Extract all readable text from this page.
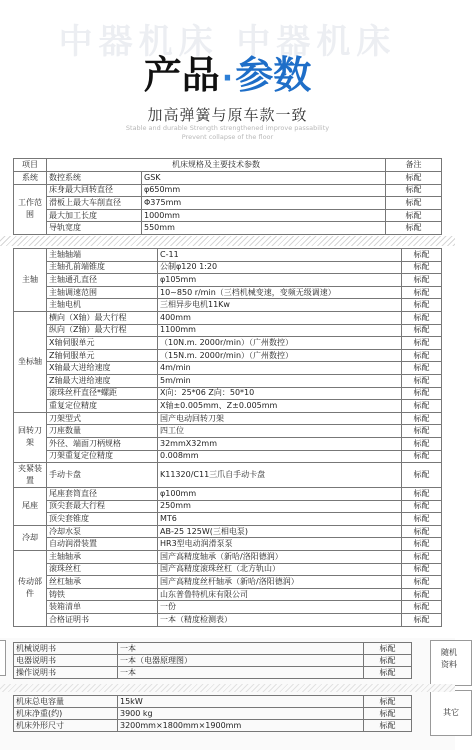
中器机床 中器机床
产品·参数
加高弹簧与原车款一致
Stable and durable Strength strengthened improve passability
Prevent collapse of the floor
项目	机床规格及主要技术参数		备注
系统	数控系统	GSK	标配
工作范围	床身最大回转直径	φ650mm	标配
	滑板上最大车削直径	Φ375mm	标配
	最大加工长度	1000mm	标配
	导轨宽度	550mm	标配
主轴	主轴轴端	C-11	标配
	主轴孔前端锥度	公制φ120 1:20	标配
	主轴通孔直径	φ105mm	标配
	主轴调速范围	10~850 r/min（三档机械变速，变频无级调速）	标配
	主轴电机	三相异步电机11Kw	标配
坐标轴	横向（X轴）最大行程	400mm	标配
	纵向（Z轴）最大行程	1100mm	标配
	X轴伺服单元	（10N.m. 2000r/min）（广州数控）	标配
	Z轴伺服单元	（15N.m. 2000r/min）（广州数控）	标配
	X轴最大进给速度	4m/min	标配
	Z轴最大进给速度	5m/min	标配
	滚珠丝杆直径*螺距	X向：25*06 Z向：50*10	标配
	重复定位精度	X轴±0.005mm、Z±0.005mm	标配
回转刀架	刀架型式	国产电动回转刀架	标配
	刀座数量	四工位	标配
	外径、端面刀柄规格	32mmX32mm	标配
	刀架重复定位精度	0.008mm	标配
夹紧装置	手动卡盘	K11320/C11三爪自手动卡盘	标配
尾座	尾座套筒直径	φ100mm	标配
	顶尖套最大行程	250mm	标配
	顶尖套锥度	MT6	标配
冷却	冷却水泵	AB-25 125W(三相电泵)	标配
	自动润滑装置	HR3型电动润滑泵泵	标配
传动部件	主轴轴承	国产高精度轴承（新哈/洛阳德润）	标配
	滚珠丝杠	国产高精度滚珠丝杠（北方轨山）	标配
	丝杠轴承	国产高精度丝杆轴承（新哈/洛阳德润）	标配
	铸铁	山东普鲁特机床有限公司	标配
	装箱清单	一份	标配
	合格证明书	一本（精度检测表）	标配
随机
资料
其它
机械说明书	一本	标配
电器说明书	一本（电器原理图）	标配
操作说明书	一本	标配
机床总电容量	15kW	标配
机床净重(约)	3900 kg	标配
机床外形尺寸	3200mm×1800mm×1900mm	标配
